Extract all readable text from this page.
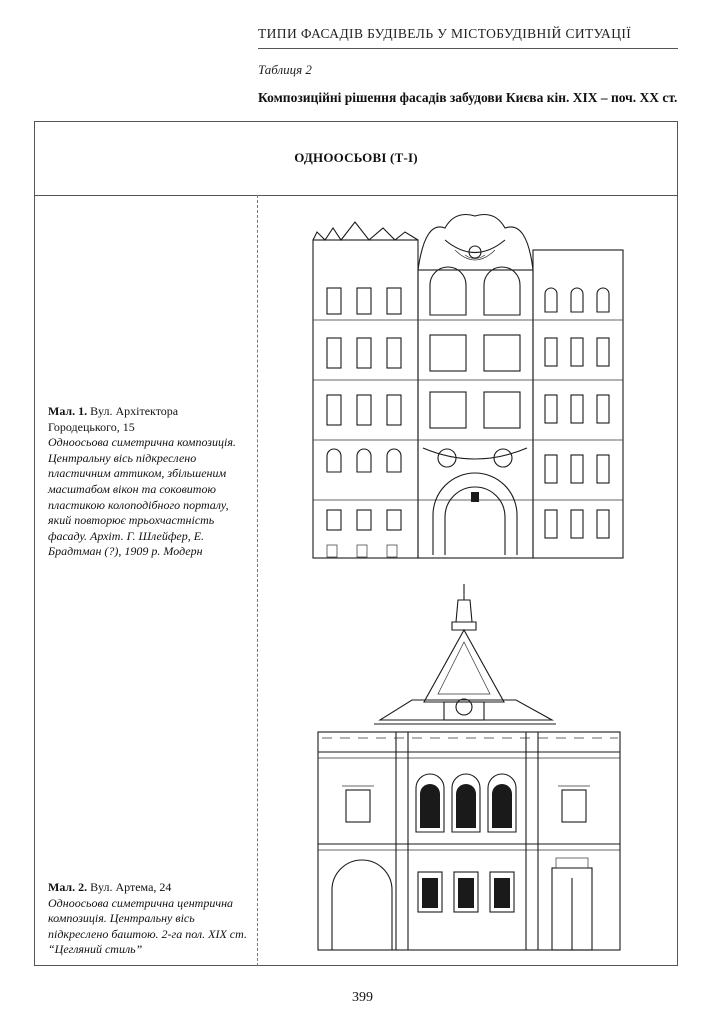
ТИПИ ФАСАДІВ БУДІВЕЛЬ У МІСТОБУДІВНІЙ СИТУАЦІЇ
Таблиця 2
Композиційні рішення фасадів забудови Києва кін. XIX – поч. XX ст.
ОДНООСЬОВІ (Т-І)
Мал. 1. Вул. Архітектора Городецького, 15
Одноосьова симетрична композиція. Центральну вісь підкреслено пластичним аттиком, збільшеним масштабом вікон та соковитою пластикою колоподібного порталу, який повторює трьохчастність фасаду. Архіт. Г. Шлейфер, Е. Брадтман (?), 1909 р. Модерн
Мал. 2. Вул. Артема, 24
Одноосьова симетрична центрична композиція. Центральну вісь підкреслено баштою. 2-га пол. XIX ст. “Цегляний стиль”
399
